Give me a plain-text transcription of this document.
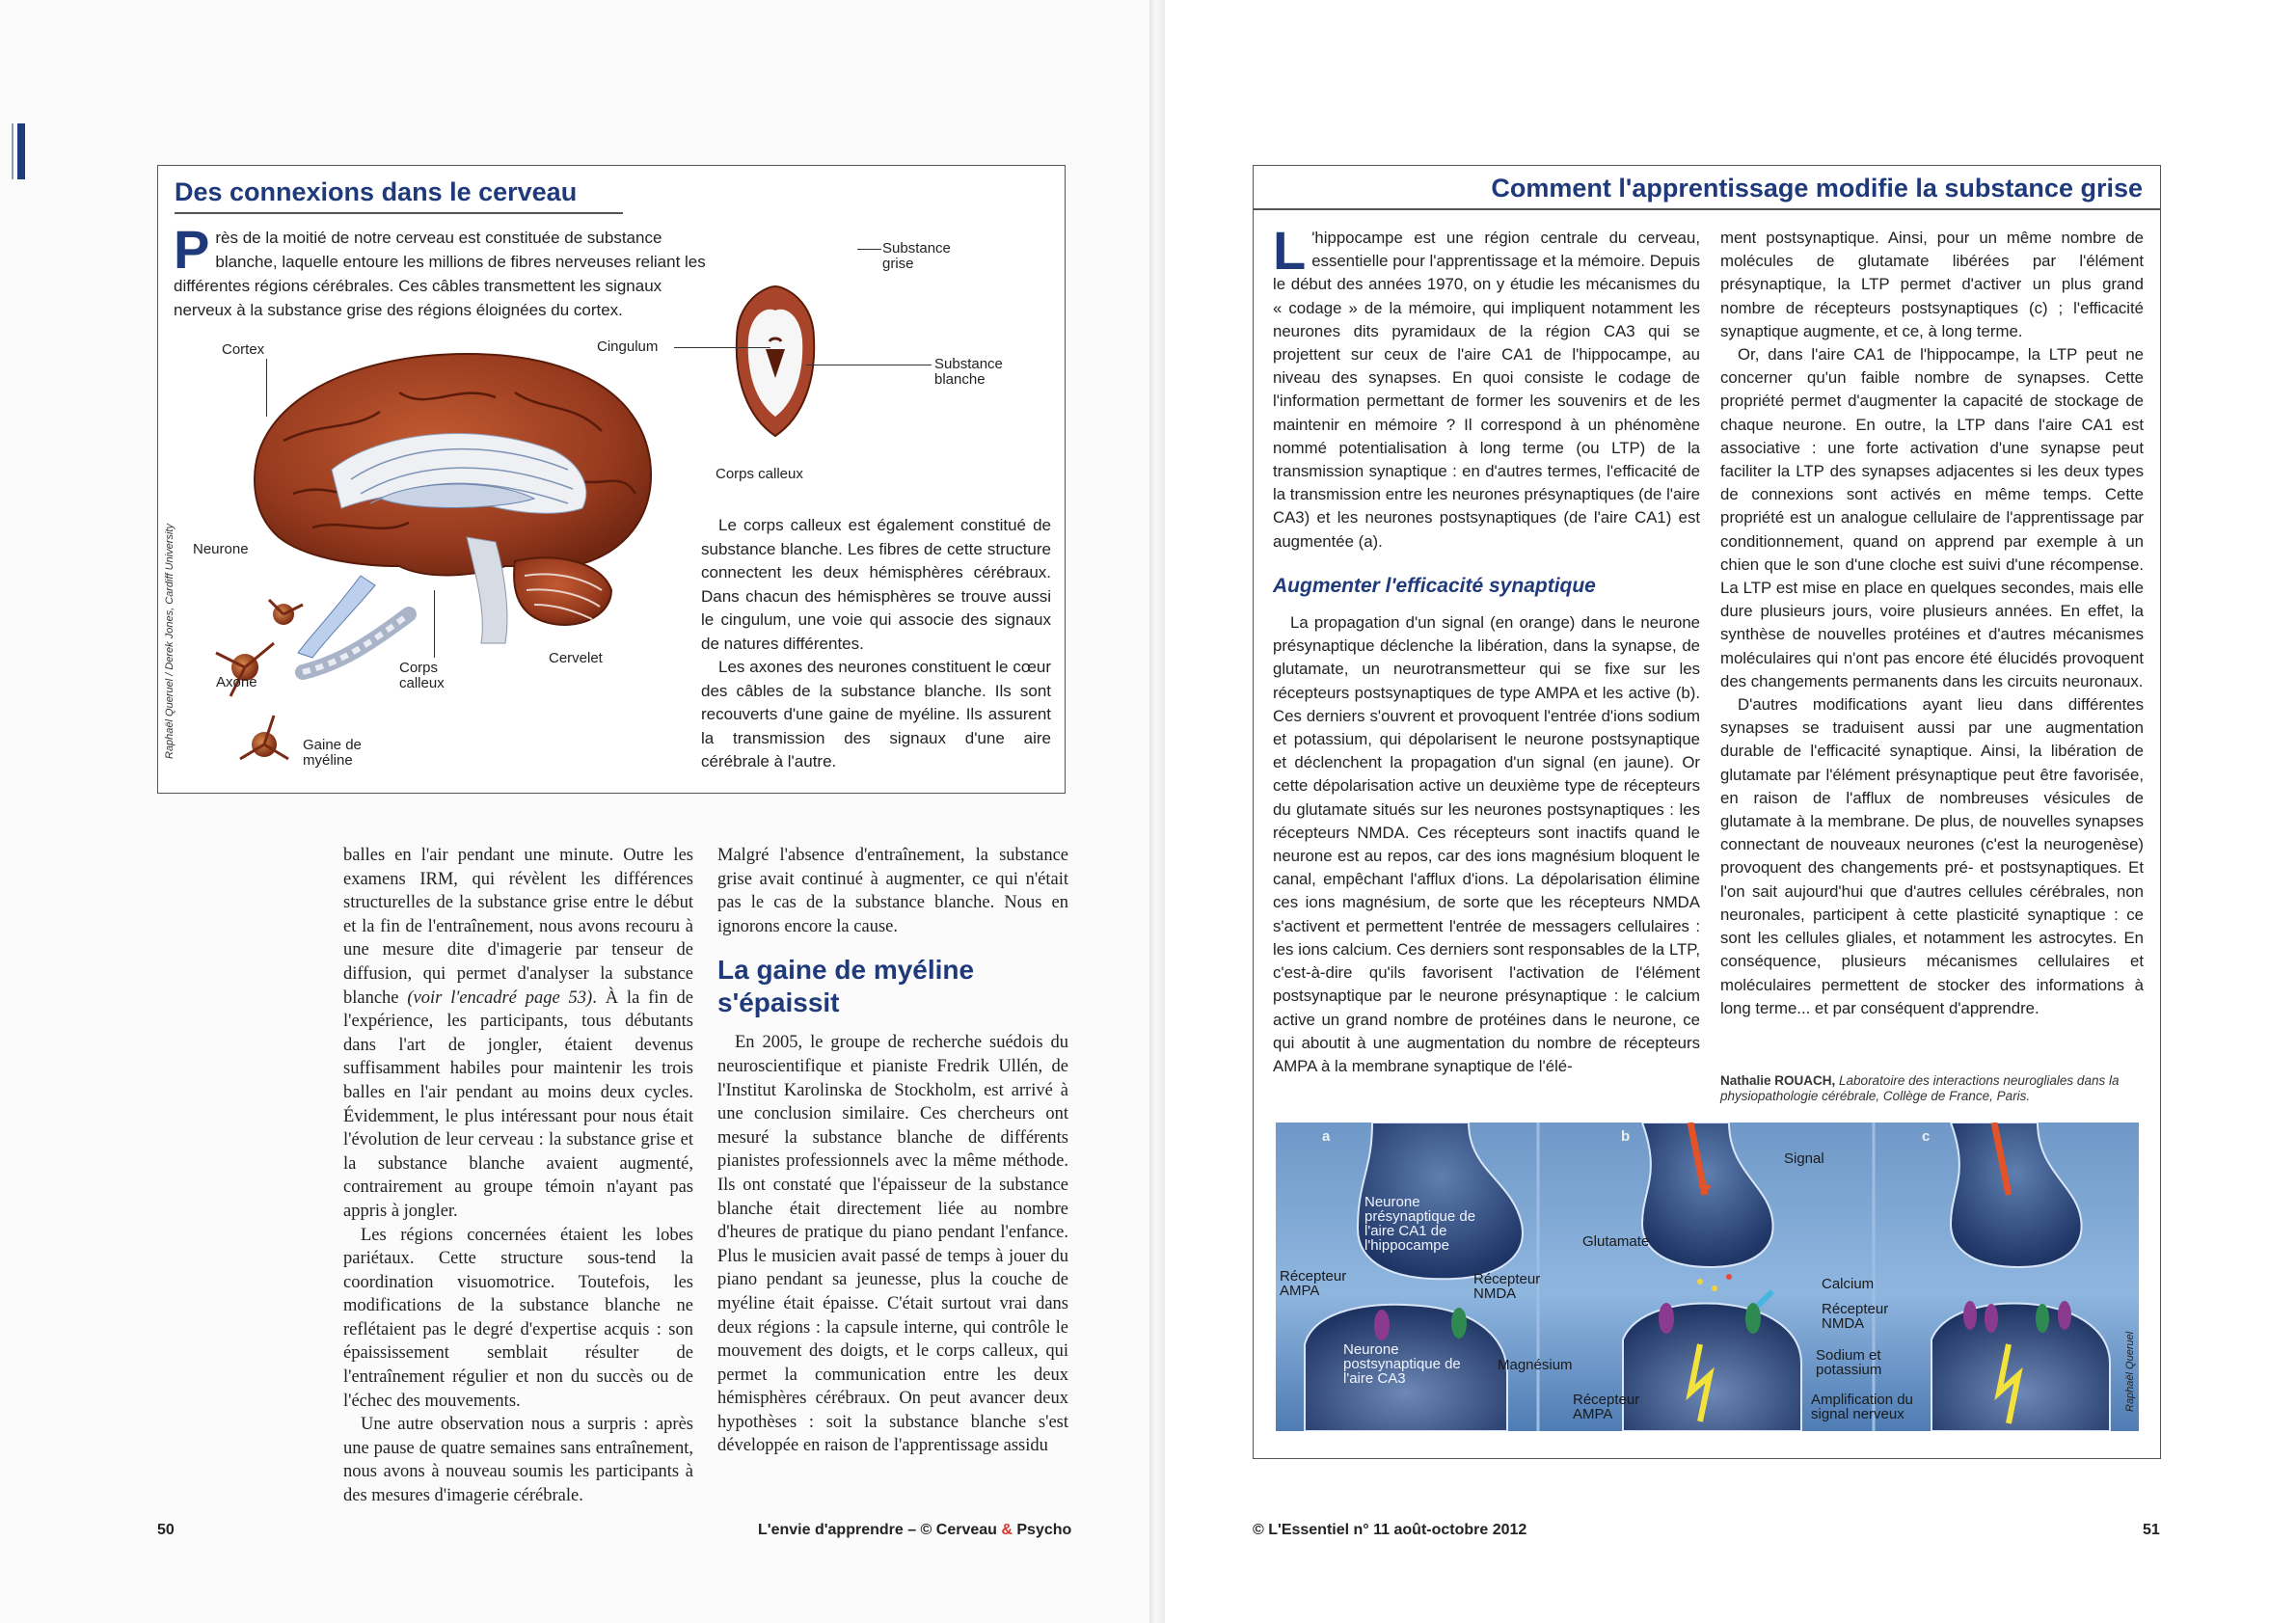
Des connexions dans le cerveau
Près de la moitié de notre cerveau est constituée de substance blanche, laquelle entoure les millions de fibres nerveuses reliant les différentes régions cérébrales. Ces câbles transmettent les signaux nerveux à la substance grise des régions éloignées du cortex.
Cortex	Cingulum
Substance grise
Substance blanche
Corps calleux
Neurone
Axone
Corps calleux
Cervelet
Gaine de myéline
Raphaël Queruel / Derek Jones, Cardiff University	Le corps calleux est également constitué de substance blanche. Les fibres de cette structure connectent les deux hémisphères cérébraux. Dans chacun des hémisphères se trouve aussi le cingulum, une voie qui associe des signaux de natures différentes.

Les axones des neurones constituent le cœur des câbles de la substance blanche. Ils sont recouverts d'une gaine de myéline. Ils assurent la transmission des signaux d'une aire cérébrale à l'autre.

balles en l'air pendant une minute. Outre les examens IRM, qui révèlent les différences structurelles de la substance grise entre le début et la fin de l'entraînement, nous avons recouru à une mesure dite d'imagerie par tenseur de diffusion, qui permet d'analyser la substance blanche (voir l'encadré page 53). À la fin de l'expérience, les participants, tous débutants dans l'art de jongler, étaient devenus suffisamment habiles pour maintenir les trois balles en l'air pendant au moins deux cycles. Évidemment, le plus intéressant pour nous était l'évolution de leur cerveau : la substance grise et la substance blanche avaient augmenté, contrairement au groupe témoin n'ayant pas appris à jongler.

Les régions concernées étaient les lobes pariétaux. Cette structure sous-tend la coordination visuomotrice. Toutefois, les modifications de la substance blanche ne reflétaient pas le degré d'expertise acquis : son épaississement semblait résulter de l'entraînement régulier et non du succès ou de l'échec des mouvements.

Une autre observation nous a surpris : après une pause de quatre semaines sans entraînement, nous avons à nouveau soumis les participants à des mesures d'imagerie cérébrale.

Malgré l'absence d'entraînement, la substance grise avait continué à augmenter, ce qui n'était pas le cas de la substance blanche. Nous en ignorons encore la cause.

La gaine de myéline s'épaissit

En 2005, le groupe de recherche suédois du neuroscientifique et pianiste Fredrik Ullén, de l'Institut Karolinska de Stockholm, est arrivé à une conclusion similaire. Ces chercheurs ont mesuré la substance blanche de différents pianistes professionnels avec la même méthode. Ils ont constaté que l'épaisseur de la substance blanche était directement liée au nombre d'heures de pratique du piano pendant l'enfance. Plus le musicien avait passé de temps à jouer du piano pendant sa jeunesse, plus la couche de myéline était épaisse. C'était surtout vrai dans deux régions : la capsule interne, qui contrôle le mouvement des doigts, et le corps calleux, qui permet la communication entre les deux hémisphères cérébraux. On peut avancer deux hypothèses : soit la substance blanche s'est développée en raison de l'apprentissage assidu

50	L'envie d'apprendre – © Cerveau & Psycho
Comment l'apprentissage modifie la substance grise

L 'hippocampe est une région centrale du cerveau, essentielle pour l'apprentissage et la mémoire. Depuis le début des années 1970, on y étudie les mécanismes du « codage » de la mémoire, qui impliquent notamment les neurones dits pyramidaux de la région CA3 qui se projettent sur ceux de l'aire CA1 de l'hippocampe, au niveau des synapses. En quoi consiste le codage de l'information permettant de former les souvenirs et de les maintenir en mémoire ? Il correspond à un phénomène nommé potentialisation à long terme (ou LTP) de la transmission synaptique : en d'autres termes, l'efficacité de la transmission entre les neurones présynaptiques (de l'aire CA3) et les neurones postsynaptiques (de l'aire CA1) est augmentée (a).

Augmenter l'efficacité synaptique

La propagation d'un signal (en orange) dans le neurone présynaptique déclenche la libération, dans la synapse, de glutamate, un neurotransmetteur qui se fixe sur les récepteurs postsynaptiques de type AMPA et les active (b). Ces derniers s'ouvrent et provoquent l'entrée d'ions sodium et potassium, qui dépolarisent le neurone postsynaptique et déclenchent la propagation d'un signal (en jaune). Or cette dépolarisation active un deuxième type de récepteurs du glutamate situés sur les neurones postsynaptiques : les récepteurs NMDA. Ces récepteurs sont inactifs quand le neurone est au repos, car des ions magnésium bloquent le canal, empêchant l'afflux d'ions. La dépolarisation élimine ces ions magnésium, de sorte que les récepteurs NMDA s'activent et permettent l'entrée de messagers cellulaires : les ions calcium. Ces derniers sont responsables de la LTP, c'est-à-dire qu'ils favorisent l'activation de l'élément postsynaptique par le neurone présynaptique : le calcium active un grand nombre de protéines dans le neurone, ce qui aboutit à une augmentation du nombre de récepteurs AMPA à la membrane synaptique de l'élé-

ment postsynaptique. Ainsi, pour un même nombre de molécules de glutamate libérées par l'élément présynaptique, la LTP permet d'activer un plus grand nombre de récepteurs postsynaptiques (c) ; l'efficacité synaptique augmente, et ce, à long terme.

Or, dans l'aire CA1 de l'hippocampe, la LTP peut ne concerner qu'un faible nombre de synapses. Cette propriété permet d'augmenter la capacité de stockage de chaque neurone. En outre, la LTP dans l'aire CA1 est associative : une forte activation d'une synapse peut faciliter la LTP des synapses adjacentes si les deux types de connexions sont activés en même temps. Cette propriété est un analogue cellulaire de l'apprentissage par conditionnement, quand on apprend par exemple à un chien que le son d'une cloche est suivi d'une récompense. La LTP est mise en place en quelques secondes, mais elle dure plusieurs jours, voire plusieurs années. En effet, la synthèse de nouvelles protéines et d'autres mécanismes moléculaires qui n'ont pas encore été élucidés provoquent des changements permanents dans les circuits neuronaux.

D'autres modifications ayant lieu dans différentes synapses se traduisent aussi par une augmentation durable de l'efficacité synaptique. Ainsi, la libération de glutamate par l'élément présynaptique peut être favorisée, en raison de l'afflux de nombreuses vésicules de glutamate à la membrane. De plus, de nouvelles synapses connectant de nouveaux neurones (c'est la neurogenèse) provoquent des changements pré- et postsynaptiques. Et l'on sait aujourd'hui que d'autres cellules cérébrales, non neuronales, participent à cette plasticité synaptique : ce sont les cellules gliales, et notamment les astrocytes. En conséquence, plusieurs mécanismes cellulaires et moléculaires permettent de stocker des informations à long terme... et par conséquent d'apprendre.

Nathalie ROUACH, Laboratoire des interactions neurogliales dans la physiopathologie cérébrale, Collège de France, Paris.
a	b	c
Neurone présynaptique de l'aire CA1 de l'hippocampe
Récepteur AMPA
Récepteur NMDA
Neurone postsynaptique de l'aire CA3
Magnésium
Glutamate
Récepteur AMPA
Signal
Calcium
Récepteur NMDA
Sodium et potassium
Amplification du signal nerveux
Raphaël Queruel
© L'Essentiel n° 11 août-octobre 2012	51
